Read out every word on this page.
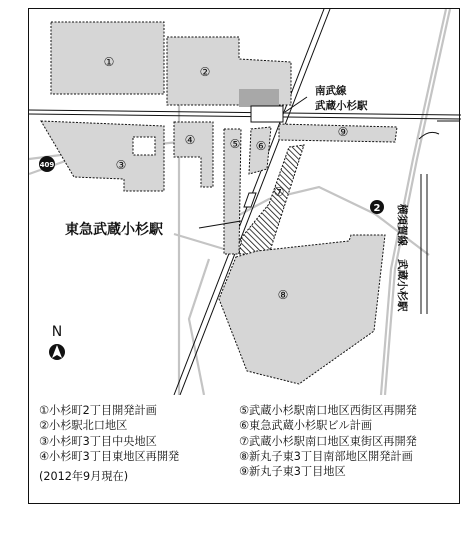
①
②
③
④	⑤ ⑥
⑦
⑧
⑨
南武線
武蔵小杉駅
東急武蔵小杉駅	横須賀線
武蔵小杉駅
409
2
N
①小杉町2丁目開発計画
②小杉駅北口地区
③小杉町3丁目中央地区
④小杉町3丁目東地区再開発
(2012年9月現在)
⑤武蔵小杉駅南口地区西街区再開発
⑥東急武蔵小杉駅ビル計画
⑦武蔵小杉駅南口地区東街区再開発
⑧新丸子東3丁目南部地区開発計画
⑨新丸子東3丁目地区
